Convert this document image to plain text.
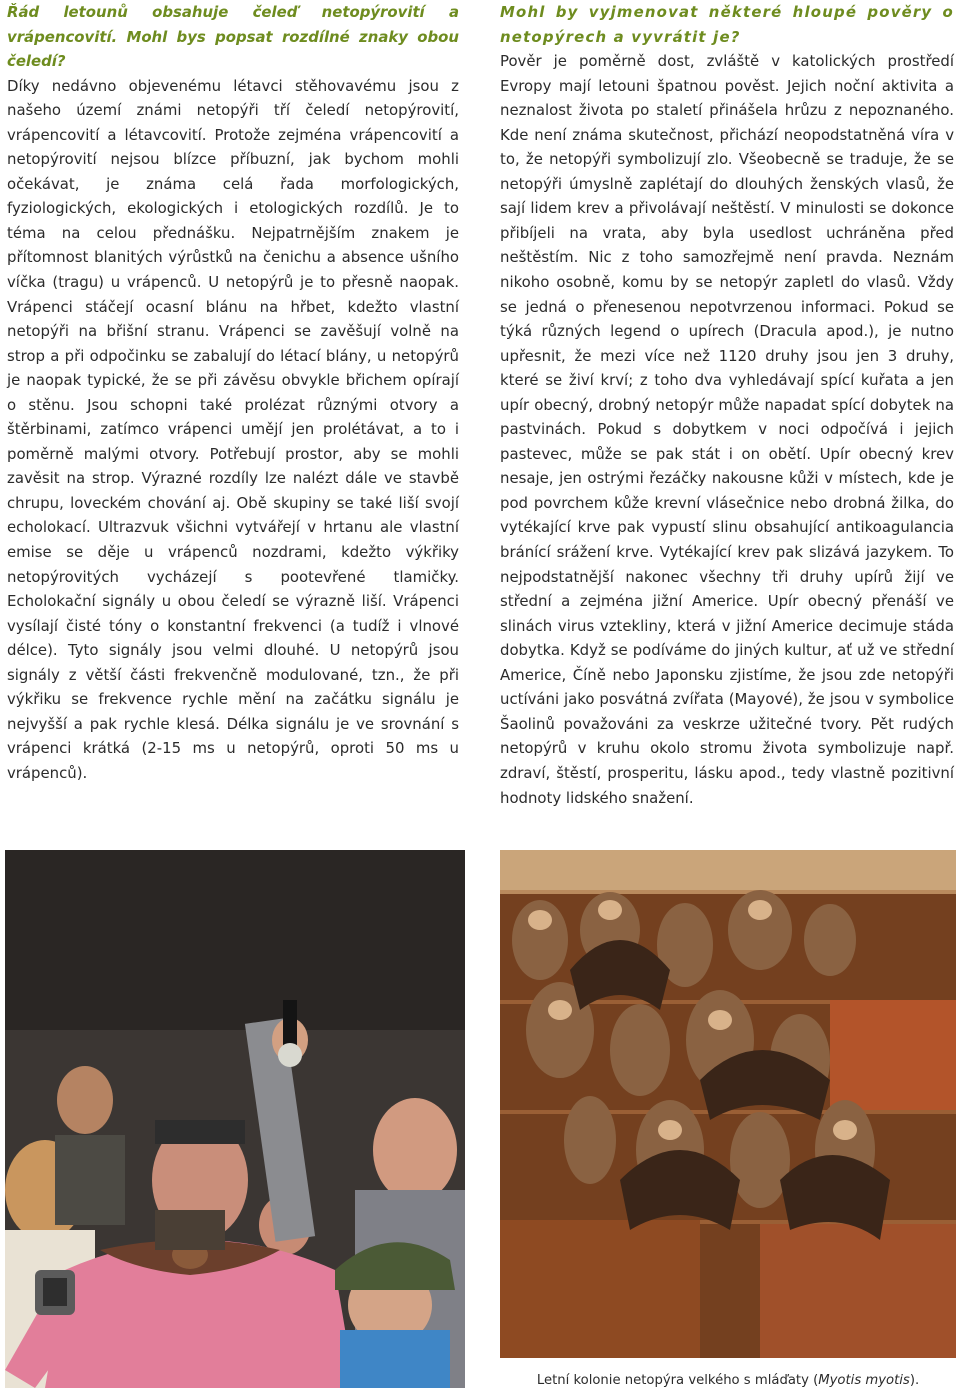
Řád letounů obsahuje čeleď netopýrovití a vrápencovití. Mohl bys popsat rozdílné znaky obou čeledí?
Díky nedávno objevenému létavci stěhovavému jsou z našeho území známi netopýři tří čeledí netopýrovití, vrápencovití a létavcovití. Protože zejména vrápencovití a netopýrovití nejsou blízce příbuzní, jak bychom mohli očekávat, je známa celá řada morfologických, fyziologických, ekologických i etologických rozdílů. Je to téma na celou přednášku. Nejpatrnějším znakem je přítomnost blanitých výrůstků na čenichu a absence ušního víčka (tragu) u vrápenců. U netopýrů je to přesně naopak. Vrápenci stáčejí ocasní blánu na hřbet, kdežto vlastní netopýři na břišní stranu. Vrápenci se zavěšují volně na strop a při odpočinku se zabalují do létací blány, u netopýrů je naopak typické, že se při závěsu obvykle břichem opírají o stěnu. Jsou schopni také prolézat různými otvory a štěrbinami, zatímco vrápenci umějí jen prolétávat, a to i poměrně malými otvory. Potřebují prostor, aby se mohli zavěsit na strop. Výrazné rozdíly lze nalézt dále ve stavbě chrupu, loveckém chování aj. Obě skupiny se také liší svojí echolokací. Ultrazvuk všichni vytvářejí v hrtanu ale vlastní emise se děje u vrápenců nozdrami, kdežto výkřiky netopýrovitých vycházejí s pootevřené tlamičky. Echolokační signály u obou čeledí se výrazně liší. Vrápenci vysílají čisté tóny o konstantní frekvenci (a tudíž i vlnové délce). Tyto signály jsou velmi dlouhé. U netopýrů jsou signály z větší části frekvenčně modulované, tzn., že při výkřiku se frekvence rychle mění na začátku signálu je nejvyšší a pak rychle klesá. Délka signálu je ve srovnání s vrápenci krátká (2-15 ms u netopýrů, oproti 50 ms u vrápenců).

Mohl by vyjmenovat některé hloupé pověry o netopýrech a vyvrátit je?
Pověr je poměrně dost, zvláště v katolických prostředí Evropy mají letouni špatnou pověst. Jejich noční aktivita a neznalost života po staletí přinášela hrůzu z nepoznaného. Kde není známa skutečnost, přichází neopodstatněná víra v to, že netopýři symbolizují zlo. Všeobecně se traduje, že se netopýři úmyslně zaplétají do dlouhých ženských vlasů, že sají lidem krev a přivolávají neštěstí. V minulosti se dokonce přibíjeli na vrata, aby byla usedlost uchráněna před neštěstím. Nic z toho samozřejmě není pravda. Neznám nikoho osobně, komu by se netopýr zapletl do vlasů. Vždy se jedná o přenesenou nepotvrzenou informaci. Pokud se týká různých legend o upírech (Dracula apod.), je nutno upřesnit, že mezi více než 1120 druhy jsou jen 3 druhy, které se živí krví; z toho dva vyhledávají spící kuřata a jen upír obecný, drobný netopýr může napadat spící dobytek na pastvinách. Pokud s dobytkem v noci odpočívá i jejich pastevec, může se pak stát i on obětí. Upír obecný krev nesaje, jen ostrými řezáčky nakousne kůži v místech, kde je pod povrchem kůže krevní vlásečnice nebo drobná žilka, do vytékající krve pak vypustí slinu obsahující antikoagulancia bránící srážení krve. Vytékající krev pak slizává jazykem. To nejpodstatnější nakonec všechny tři druhy upírů žijí ve střední a zejména jižní Americe. Upír obecný přenáší ve slinách virus vztekliny, která v jižní Americe decimuje stáda dobytka. Když se podíváme do jiných kultur, ať už ve střední Americe, Číně nebo Japonsku zjistíme, že jsou zde netopýři uctíváni jako posvátná zvířata (Mayové), že jsou v symbolice Šaolinů považováni za veskrze užitečné tvory. Pět rudých netopýrů v kruhu okolo stromu života symbolizuje např. zdraví, štěstí, prosperitu, lásku apod., tedy vlastně pozitivní hodnoty lidského snažení.

Letní kolonie netopýra velkého s mláďaty (Myotis myotis).
